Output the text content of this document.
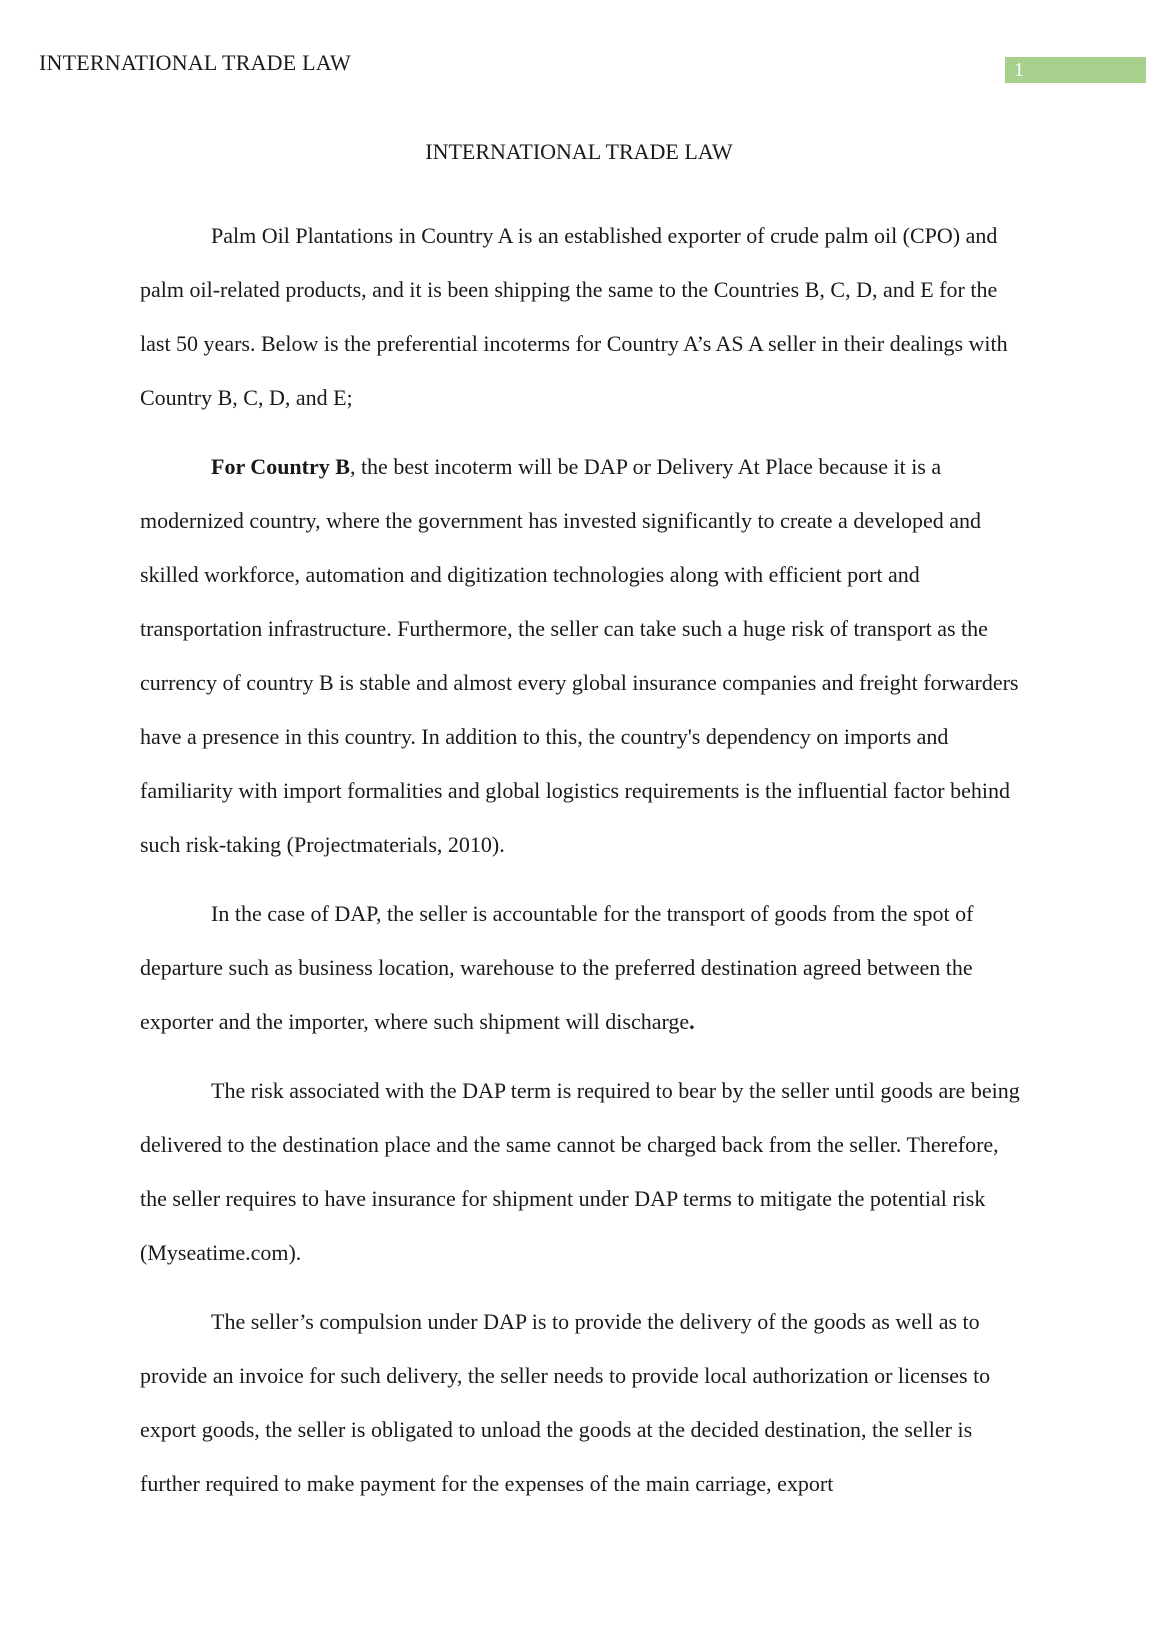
INTERNATIONAL TRADE LAW	1
INTERNATIONAL TRADE LAW

Palm Oil Plantations in Country A is an established exporter of crude palm oil (CPO) and palm oil-related products, and it is been shipping the same to the Countries B, C, D, and E for the last 50 years. Below is the preferential incoterms for Country A’s AS A seller in their dealings with Country B, C, D, and E;

For Country B, the best incoterm will be DAP or Delivery At Place because it is a modernized country, where the government has invested significantly to create a developed and skilled workforce, automation and digitization technologies along with efficient port and transportation infrastructure. Furthermore, the seller can take such a huge risk of transport as the currency of country B is stable and almost every global insurance companies and freight forwarders have a presence in this country. In addition to this, the country's dependency on imports and familiarity with import formalities and global logistics requirements is the influential factor behind such risk-taking (Projectmaterials, 2010).

In the case of DAP, the seller is accountable for the transport of goods from the spot of departure such as business location, warehouse to the preferred destination agreed between the exporter and the importer, where such shipment will discharge.

The risk associated with the DAP term is required to bear by the seller until goods are being delivered to the destination place and the same cannot be charged back from the seller. Therefore, the seller requires to have insurance for shipment under DAP terms to mitigate the potential risk (Myseatime.com).

The seller’s compulsion under DAP is to provide the delivery of the goods as well as to provide an invoice for such delivery, the seller needs to provide local authorization or licenses to export goods, the seller is obligated to unload the goods at the decided destination, the seller is further required to make payment for the expenses of the main carriage, export
